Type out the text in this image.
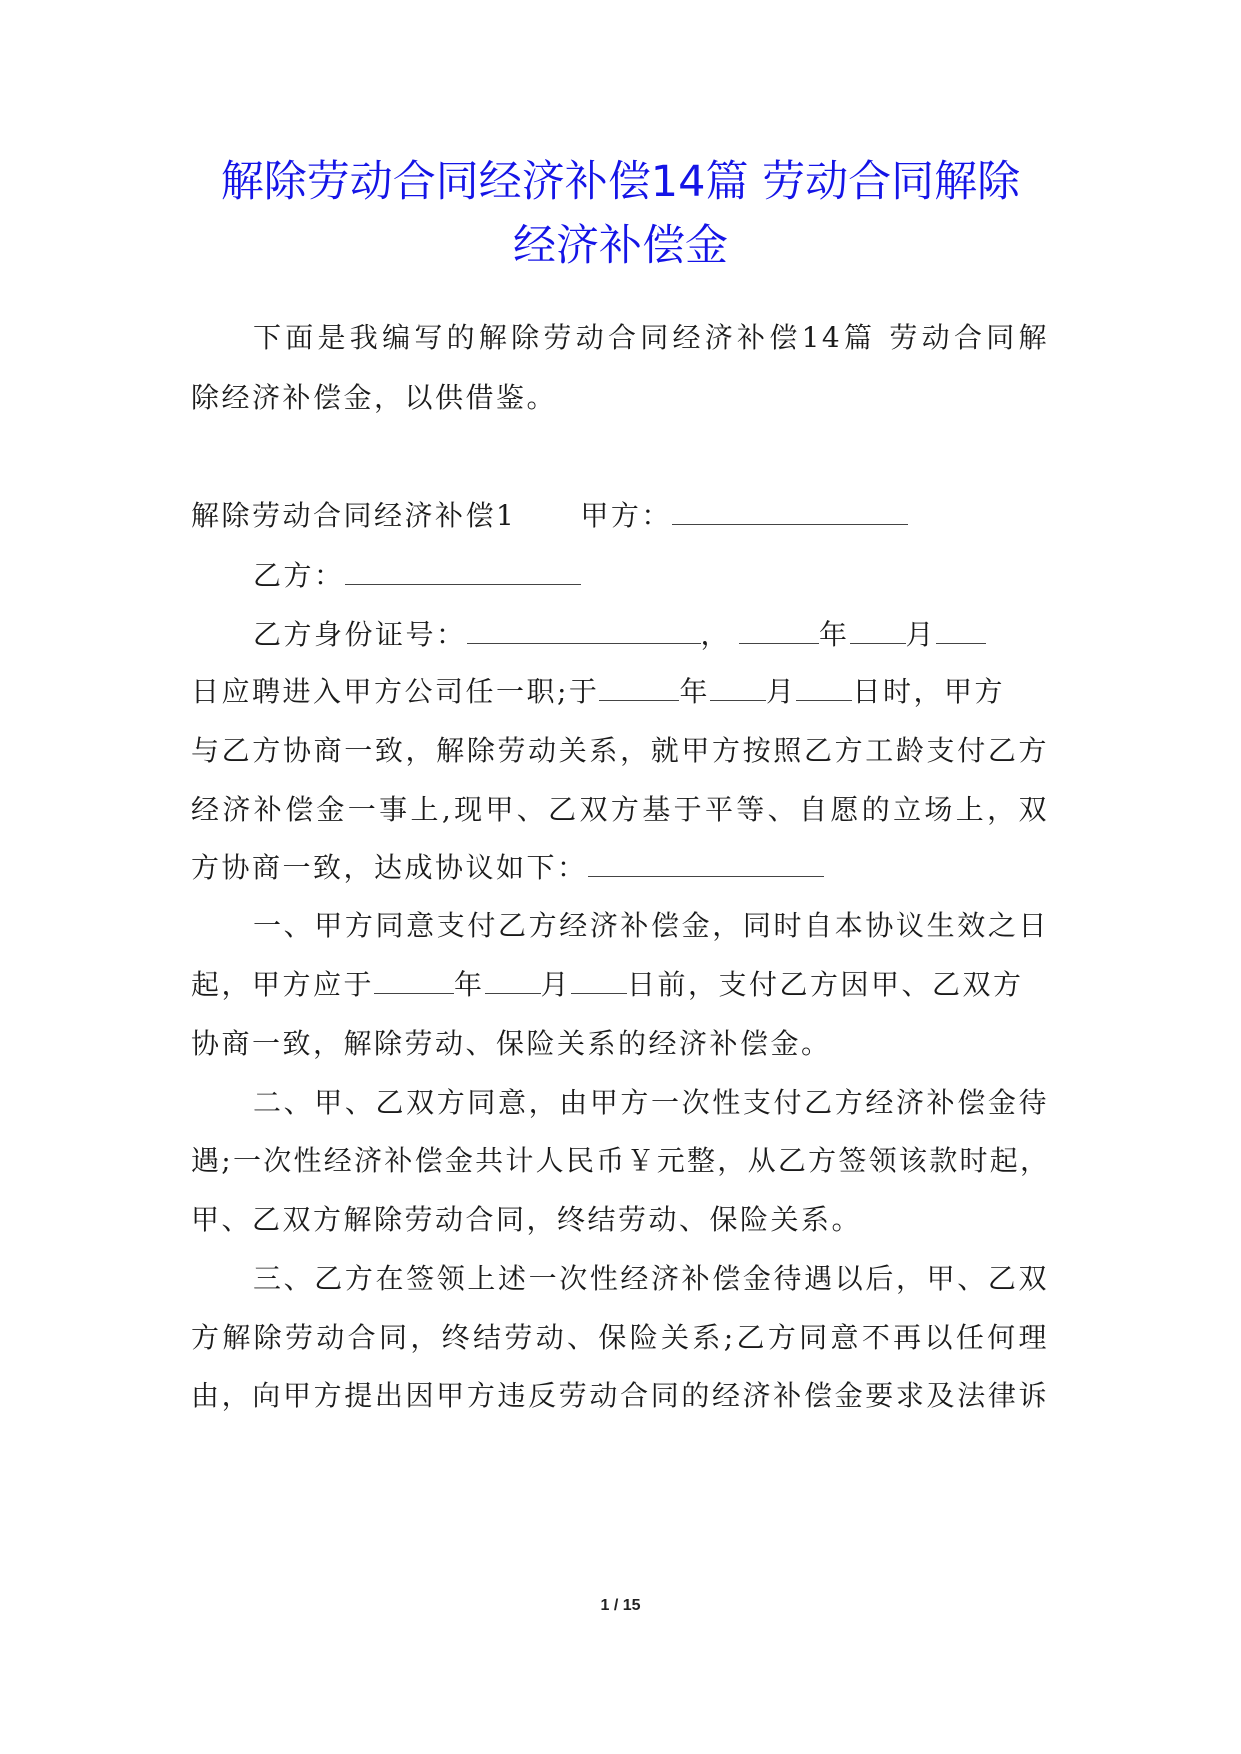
解除劳动合同经济补偿14篇 劳动合同解除
经济补偿金
下面是我编写的解除劳动合同经济补偿14篇 劳动合同解
除经济补偿金，以供借鉴。
解除劳动合同经济补偿1 甲方：
乙方：
乙方身份证号：	，	年 月
日应聘进入甲方公司任一职;于	年 月 日时，甲方
与乙方协商一致，解除劳动关系，就甲方按照乙方工龄支付乙方
经济补偿金一事上,现甲、乙双方基于平等、自愿的立场上，双
方协商一致，达成协议如下：
一、甲方同意支付乙方经济补偿金，同时自本协议生效之日
起，甲方应于	年 月 日前，支付乙方因甲、乙双方
协商一致，解除劳动、保险关系的经济补偿金。
二、甲、乙双方同意，由甲方一次性支付乙方经济补偿金待
遇;一次性经济补偿金共计人民币￥元整，从乙方签领该款时起，
甲、乙双方解除劳动合同，终结劳动、保险关系。
三、乙方在签领上述一次性经济补偿金待遇以后，甲、乙双
方解除劳动合同，终结劳动、保险关系;乙方同意不再以任何理
由，向甲方提出因甲方违反劳动合同的经济补偿金要求及法律诉
1 / 15
